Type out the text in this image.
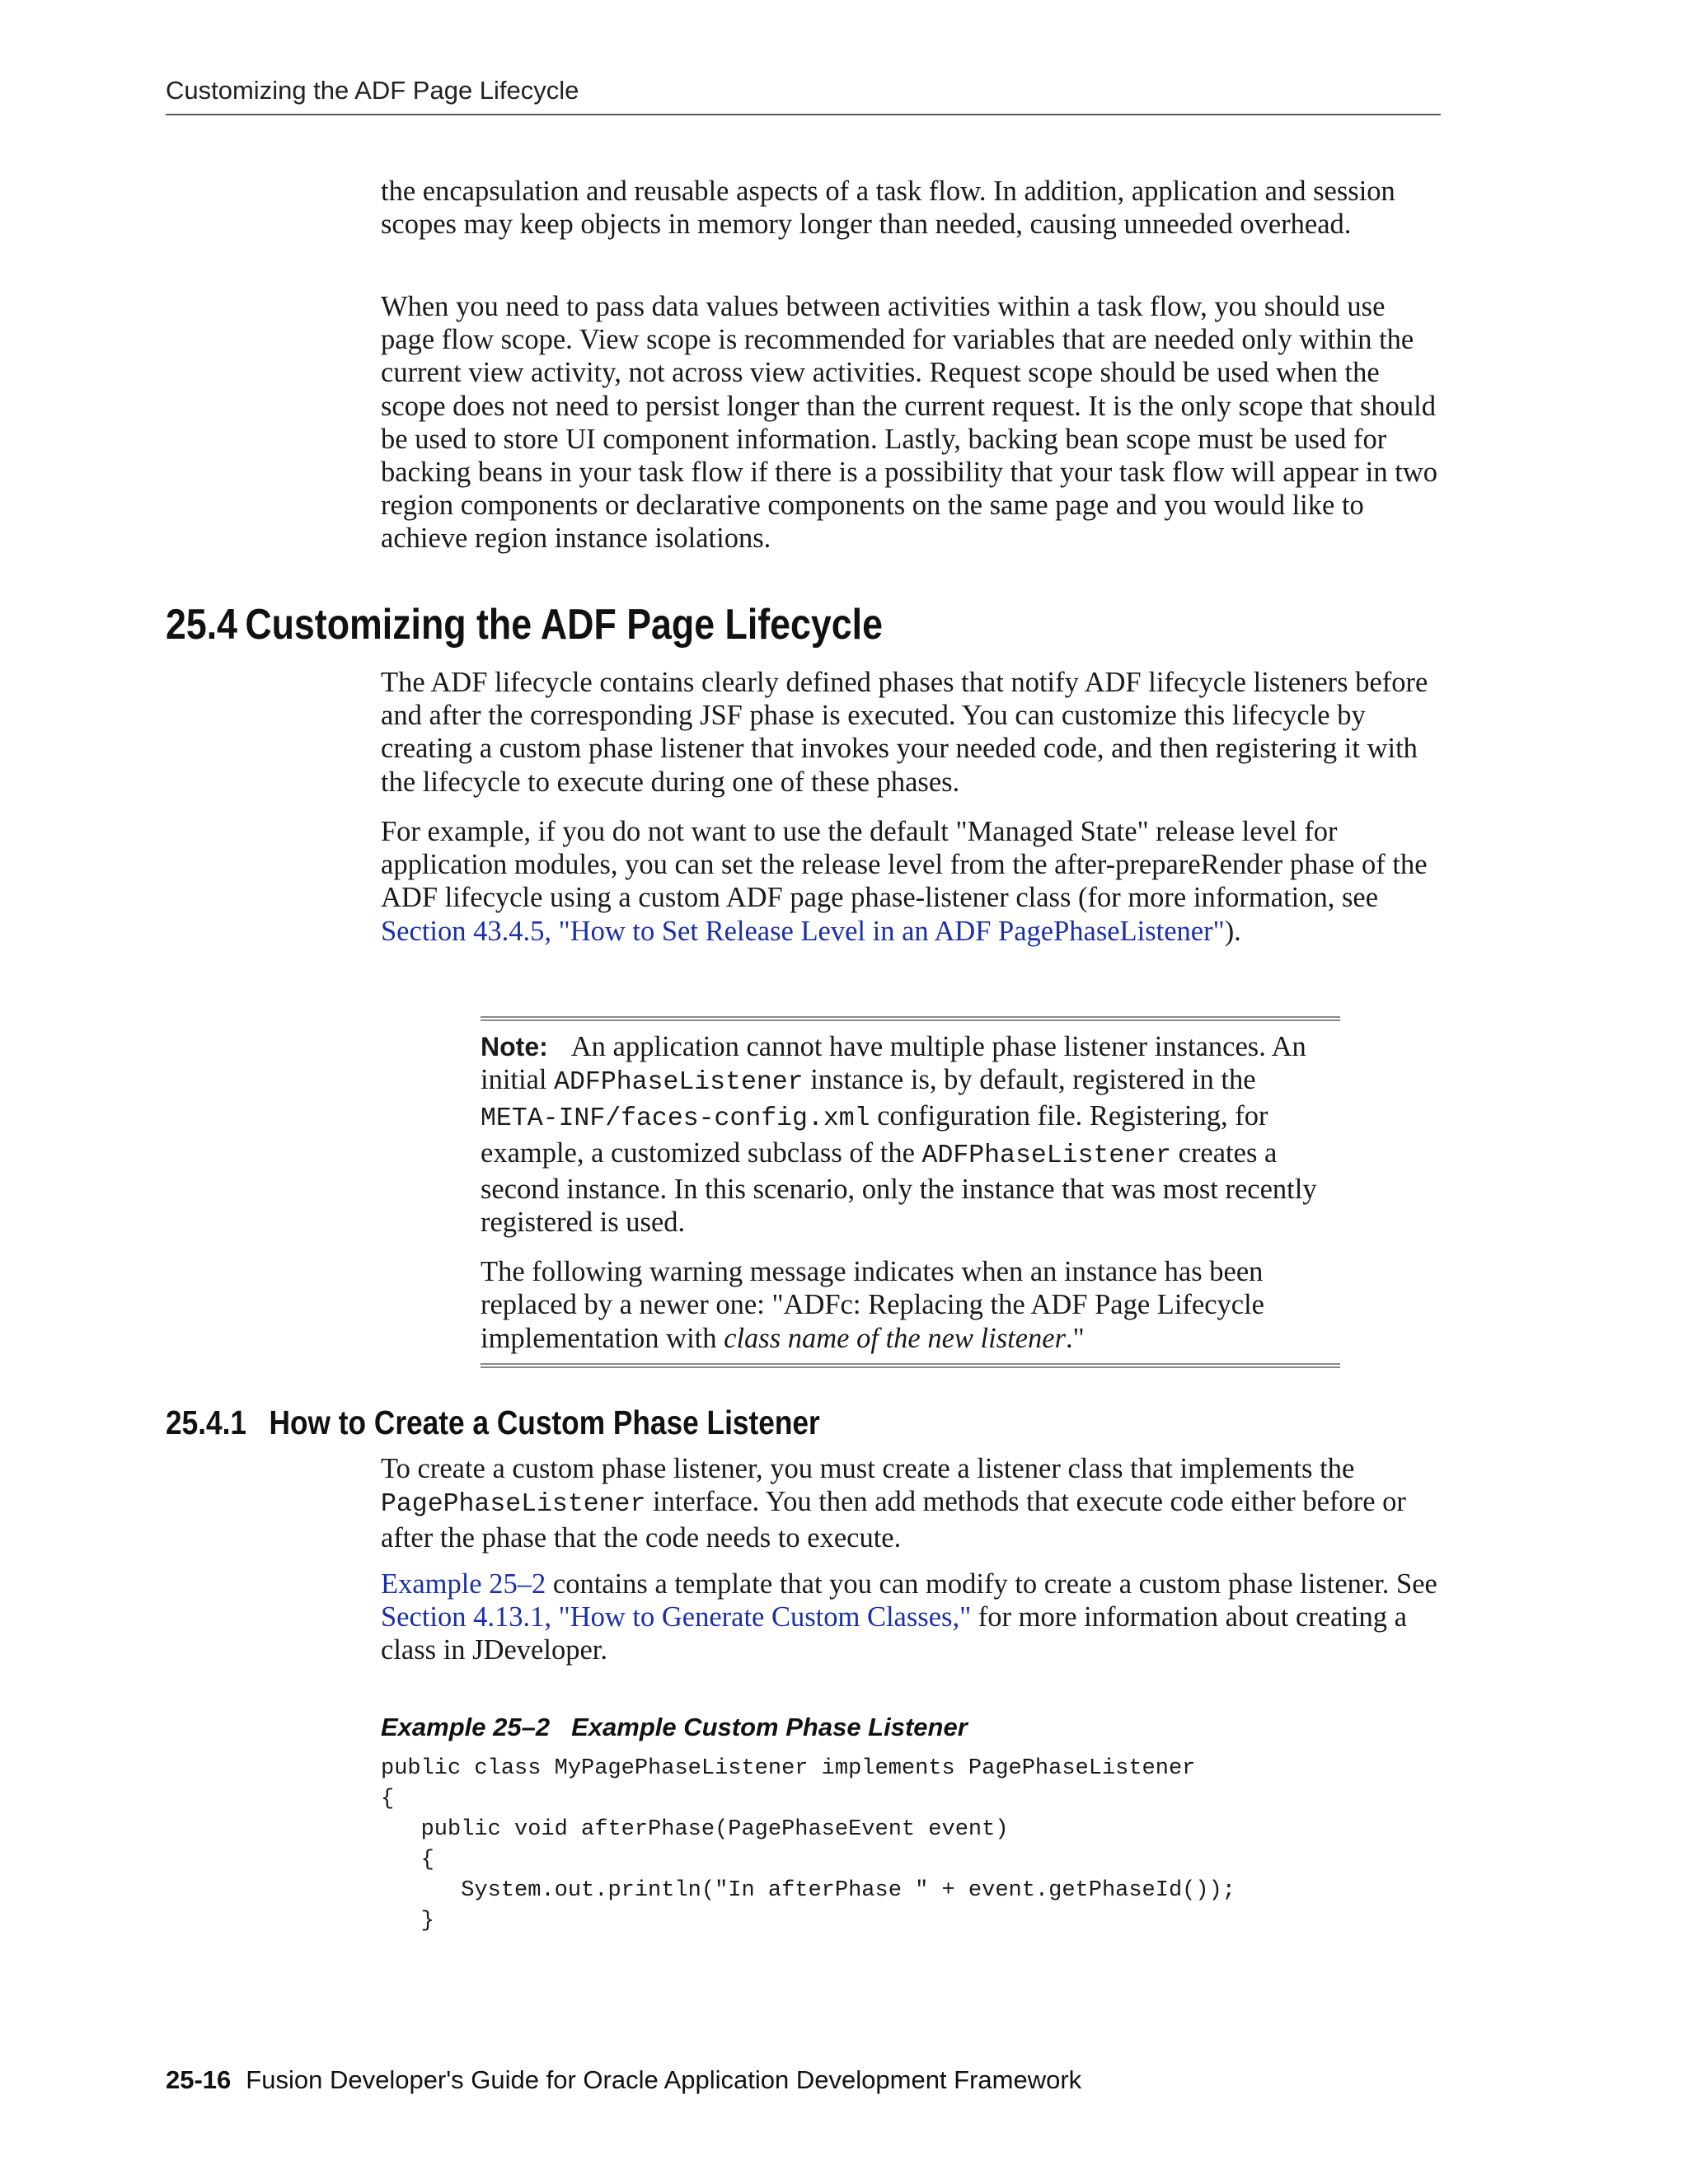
Customizing the ADF Page Lifecycle

the encapsulation and reusable aspects of a task flow. In addition, application and session scopes may keep objects in memory longer than needed, causing unneeded overhead.

When you need to pass data values between activities within a task flow, you should use page flow scope. View scope is recommended for variables that are needed only within the current view activity, not across view activities. Request scope should be used when the scope does not need to persist longer than the current request. It is the only scope that should be used to store UI component information. Lastly, backing bean scope must be used for backing beans in your task flow if there is a possibility that your task flow will appear in two region components or declarative components on the same page and you would like to achieve region instance isolations.

25.4 Customizing the ADF Page Lifecycle

The ADF lifecycle contains clearly defined phases that notify ADF lifecycle listeners before and after the corresponding JSF phase is executed. You can customize this lifecycle by creating a custom phase listener that invokes your needed code, and then registering it with the lifecycle to execute during one of these phases.

For example, if you do not want to use the default "Managed State" release level for application modules, you can set the release level from the after-prepareRender phase of the ADF lifecycle using a custom ADF page phase-listener class (for more information, see Section 43.4.5, "How to Set Release Level in an ADF PagePhaseListener").

Note: An application cannot have multiple phase listener instances. An initial ADFPhaseListener instance is, by default, registered in the META-INF/faces-config.xml configuration file. Registering, for example, a customized subclass of the ADFPhaseListener creates a second instance. In this scenario, only the instance that was most recently registered is used.

The following warning message indicates when an instance has been replaced by a newer one: "ADFc: Replacing the ADF Page Lifecycle implementation with class name of the new listener."

25.4.1 How to Create a Custom Phase Listener

To create a custom phase listener, you must create a listener class that implements the PagePhaseListener interface. You then add methods that execute code either before or after the phase that the code needs to execute.

Example 25–2 contains a template that you can modify to create a custom phase listener. See Section 4.13.1, "How to Generate Custom Classes," for more information about creating a class in JDeveloper.

Example 25–2 Example Custom Phase Listener
public class MyPagePhaseListener implements PagePhaseListener
{
public void afterPhase(PagePhaseEvent event)
{
System.out.println("In afterPhase " + event.getPhaseId());
}
25-16 Fusion Developer's Guide for Oracle Application Development Framework
